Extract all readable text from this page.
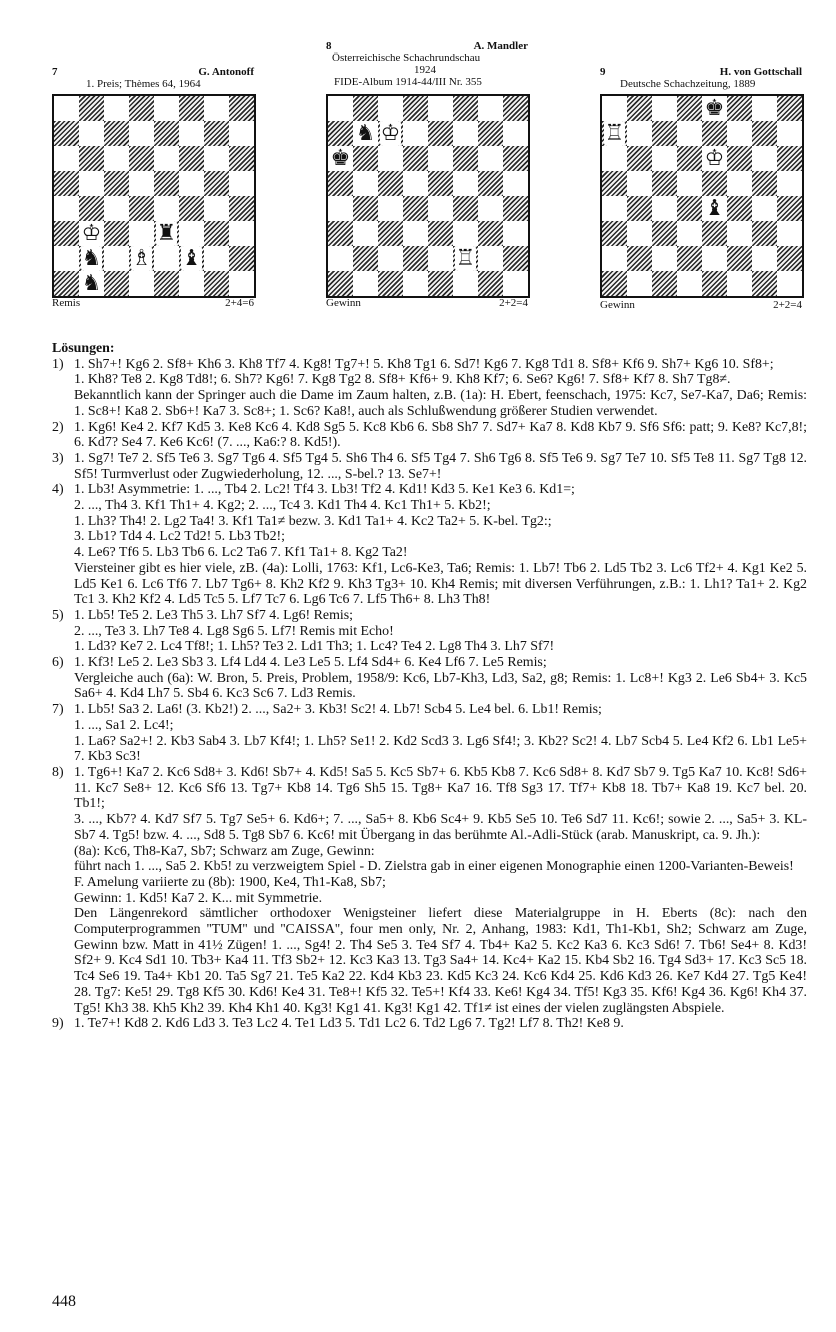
7	G. Antonoff
1. Preis; Thèmes 64, 1964
♔
♞ ♗
♜
♝
♞
Remis	2+4=6
8	A. Mandler
Österreichische Schachrundschau
1924
FIDE-Album 1914-44/III Nr. 355
♞ ♔
♚
♖
Gewinn	2+2=4
9	H. von Gottschall
Deutsche Schachzeitung, 1889
♚
♖
♔
♝
Gewinn	2+2=4

Lösungen:

1) 1. Sh7+! Kg6 2. Sf8+ Kh6 3. Kh8 Tf7 4. Kg8! Tg7+! 5. Kh8 Tg1 6. Sd7! Kg6 7. Kg8 Td1 8. Sf8+ Kf6 9. Sh7+ Kg6 10. Sf8+;

1. Kh8? Te8 2. Kg8 Td8!; 6. Sh7? Kg6! 7. Kg8 Tg2 8. Sf8+ Kf6+ 9. Kh8 Kf7; 6. Se6? Kg6! 7. Sf8+ Kf7 8. Sh7 Tg8≠.

Bekanntlich kann der Springer auch die Dame im Zaum halten, z.B. (1a): H. Ebert, feenschach, 1975: Kc7, Se7-Ka7, Da6; Remis: 1. Sc8+! Ka8 2. Sb6+! Ka7 3. Sc8+; 1. Sc6? Ka8!, auch als Schlußwendung größerer Studien verwendet.

2) 1. Kg6! Ke4 2. Kf7 Kd5 3. Ke8 Kc6 4. Kd8 Sg5 5. Kc8 Kb6 6. Sb8 Sh7 7. Sd7+ Ka7 8. Kd8 Kb7 9. Sf6 Sf6: patt; 9. Ke8? Kc7,8!; 6. Kd7? Se4 7. Ke6 Kc6! (7. ..., Ka6:? 8. Kd5!).

3) 1. Sg7! Te7 2. Sf5 Te6 3. Sg7 Tg6 4. Sf5 Tg4 5. Sh6 Th4 6. Sf5 Tg4 7. Sh6 Tg6 8. Sf5 Te6 9. Sg7 Te7 10. Sf5 Te8 11. Sg7 Tg8 12. Sf5! Turmverlust oder Zugwiederholung, 12. ..., S-bel.? 13. Se7+!

4) 1. Lb3! Asymmetrie: 1. ..., Tb4 2. Lc2! Tf4 3. Lb3! Tf2 4. Kd1! Kd3 5. Ke1 Ke3 6. Kd1=;

2. ..., Th4 3. Kf1 Th1+ 4. Kg2; 2. ..., Tc4 3. Kd1 Th4 4. Kc1 Th1+ 5. Kb2!;

1. Lh3? Th4! 2. Lg2 Ta4! 3. Kf1 Ta1≠ bezw. 3. Kd1 Ta1+ 4. Kc2 Ta2+ 5. K-bel. Tg2:;

3. Lb1? Td4 4. Lc2 Td2! 5. Lb3 Tb2!;

4. Le6? Tf6 5. Lb3 Tb6 6. Lc2 Ta6 7. Kf1 Ta1+ 8. Kg2 Ta2!

Viersteiner gibt es hier viele, zB. (4a): Lolli, 1763: Kf1, Lc6-Ke3, Ta6; Remis: 1. Lb7! Tb6 2. Ld5 Tb2 3. Lc6 Tf2+ 4. Kg1 Ke2 5. Ld5 Ke1 6. Lc6 Tf6 7. Lb7 Tg6+ 8. Kh2 Kf2 9. Kh3 Tg3+ 10. Kh4 Remis; mit diversen Verführungen, z.B.: 1. Lh1? Ta1+ 2. Kg2 Tc1 3. Kh2 Kf2 4. Ld5 Tc5 5. Lf7 Tc7 6. Lg6 Tc6 7. Lf5 Th6+ 8. Lh3 Th8!

5) 1. Lb5! Te5 2. Le3 Th5 3. Lh7 Sf7 4. Lg6! Remis;

2. ..., Te3 3. Lh7 Te8 4. Lg8 Sg6 5. Lf7! Remis mit Echo!

1. Ld3? Ke7 2. Lc4 Tf8!; 1. Lh5? Te3 2. Ld1 Th3; 1. Lc4? Te4 2. Lg8 Th4 3. Lh7 Sf7!

6) 1. Kf3! Le5 2. Le3 Sb3 3. Lf4 Ld4 4. Le3 Le5 5. Lf4 Sd4+ 6. Ke4 Lf6 7. Le5 Remis;

Vergleiche auch (6a): W. Bron, 5. Preis, Problem, 1958/9: Kc6, Lb7-Kh3, Ld3, Sa2, g8; Remis: 1. Lc8+! Kg3 2. Le6 Sb4+ 3. Kc5 Sa6+ 4. Kd4 Lh7 5. Sb4 6. Kc3 Sc6 7. Ld3 Remis.

7) 1. Lb5! Sa3 2. La6! (3. Kb2!) 2. ..., Sa2+ 3. Kb3! Sc2! 4. Lb7! Scb4 5. Le4 bel. 6. Lb1! Remis;

1. ..., Sa1 2. Lc4!;

1. La6? Sa2+! 2. Kb3 Sab4 3. Lb7 Kf4!; 1. Lh5? Se1! 2. Kd2 Scd3 3. Lg6 Sf4!; 3. Kb2? Sc2! 4. Lb7 Scb4 5. Le4 Kf2 6. Lb1 Le5+ 7. Kb3 Sc3!

8) 1. Tg6+! Ka7 2. Kc6 Sd8+ 3. Kd6! Sb7+ 4. Kd5! Sa5 5. Kc5 Sb7+ 6. Kb5 Kb8 7. Kc6 Sd8+ 8. Kd7 Sb7 9. Tg5 Ka7 10. Kc8! Sd6+ 11. Kc7 Se8+ 12. Kc6 Sf6 13. Tg7+ Kb8 14. Tg6 Sh5 15. Tg8+ Ka7 16. Tf8 Sg3 17. Tf7+ Kb8 18. Tb7+ Ka8 19. Kc7 bel. 20. Tb1!;

3. ..., Kb7? 4. Kd7 Sf7 5. Tg7 Se5+ 6. Kd6+; 7. ..., Sa5+ 8. Kb6 Sc4+ 9. Kb5 Se5 10. Te6 Sd7 11. Kc6!; sowie 2. ..., Sa5+ 3. KL-Sb7 4. Tg5! bzw. 4. ..., Sd8 5. Tg8 Sb7 6. Kc6! mit Übergang in das berühmte Al.-Adli-Stück (arab. Manuskript, ca. 9. Jh.):

(8a): Kc6, Th8-Ka7, Sb7; Schwarz am Zuge, Gewinn:

führt nach 1. ..., Sa5 2. Kb5! zu verzweigtem Spiel - D. Zielstra gab in einer eigenen Monographie einen 1200-Varianten-Beweis!

F. Amelung variierte zu (8b): 1900, Ke4, Th1-Ka8, Sb7;

Gewinn: 1. Kd5! Ka7 2. K... mit Symmetrie.

Den Längenrekord sämtlicher orthodoxer Wenigsteiner liefert diese Materialgruppe in H. Eberts (8c): nach den Computerprogrammen ''TUM'' und ''CAISSA'', four men only, Nr. 2, Anhang, 1983: Kd1, Th1-Kb1, Sh2; Schwarz am Zuge, Gewinn bzw. Matt in 41½ Zügen! 1. ..., Sg4! 2. Th4 Se5 3. Te4 Sf7 4. Tb4+ Ka2 5. Kc2 Ka3 6. Kc3 Sd6! 7. Tb6! Se4+ 8. Kd3! Sf2+ 9. Kc4 Sd1 10. Tb3+ Ka4 11. Tf3 Sb2+ 12. Kc3 Ka3 13. Tg3 Sa4+ 14. Kc4+ Ka2 15. Kb4 Sb2 16. Tg4 Sd3+ 17. Kc3 Sc5 18. Tc4 Se6 19. Ta4+ Kb1 20. Ta5 Sg7 21. Te5 Ka2 22. Kd4 Kb3 23. Kd5 Kc3 24. Kc6 Kd4 25. Kd6 Kd3 26. Ke7 Kd4 27. Tg5 Ke4! 28. Tg7: Ke5! 29. Tg8 Kf5 30. Kd6! Ke4 31. Te8+! Kf5 32. Te5+! Kf4 33. Ke6! Kg4 34. Tf5! Kg3 35. Kf6! Kg4 36. Kg6! Kh4 37. Tg5! Kh3 38. Kh5 Kh2 39. Kh4 Kh1 40. Kg3! Kg1 41. Kg3! Kg1 42. Tf1≠ ist eines der vielen zuglängsten Abspiele.

9) 1. Te7+! Kd8 2. Kd6 Ld3 3. Te3 Lc2 4. Te1 Ld3 5. Td1 Lc2 6. Td2 Lg6 7. Tg2! Lf7 8. Th2! Ke8 9.

448
